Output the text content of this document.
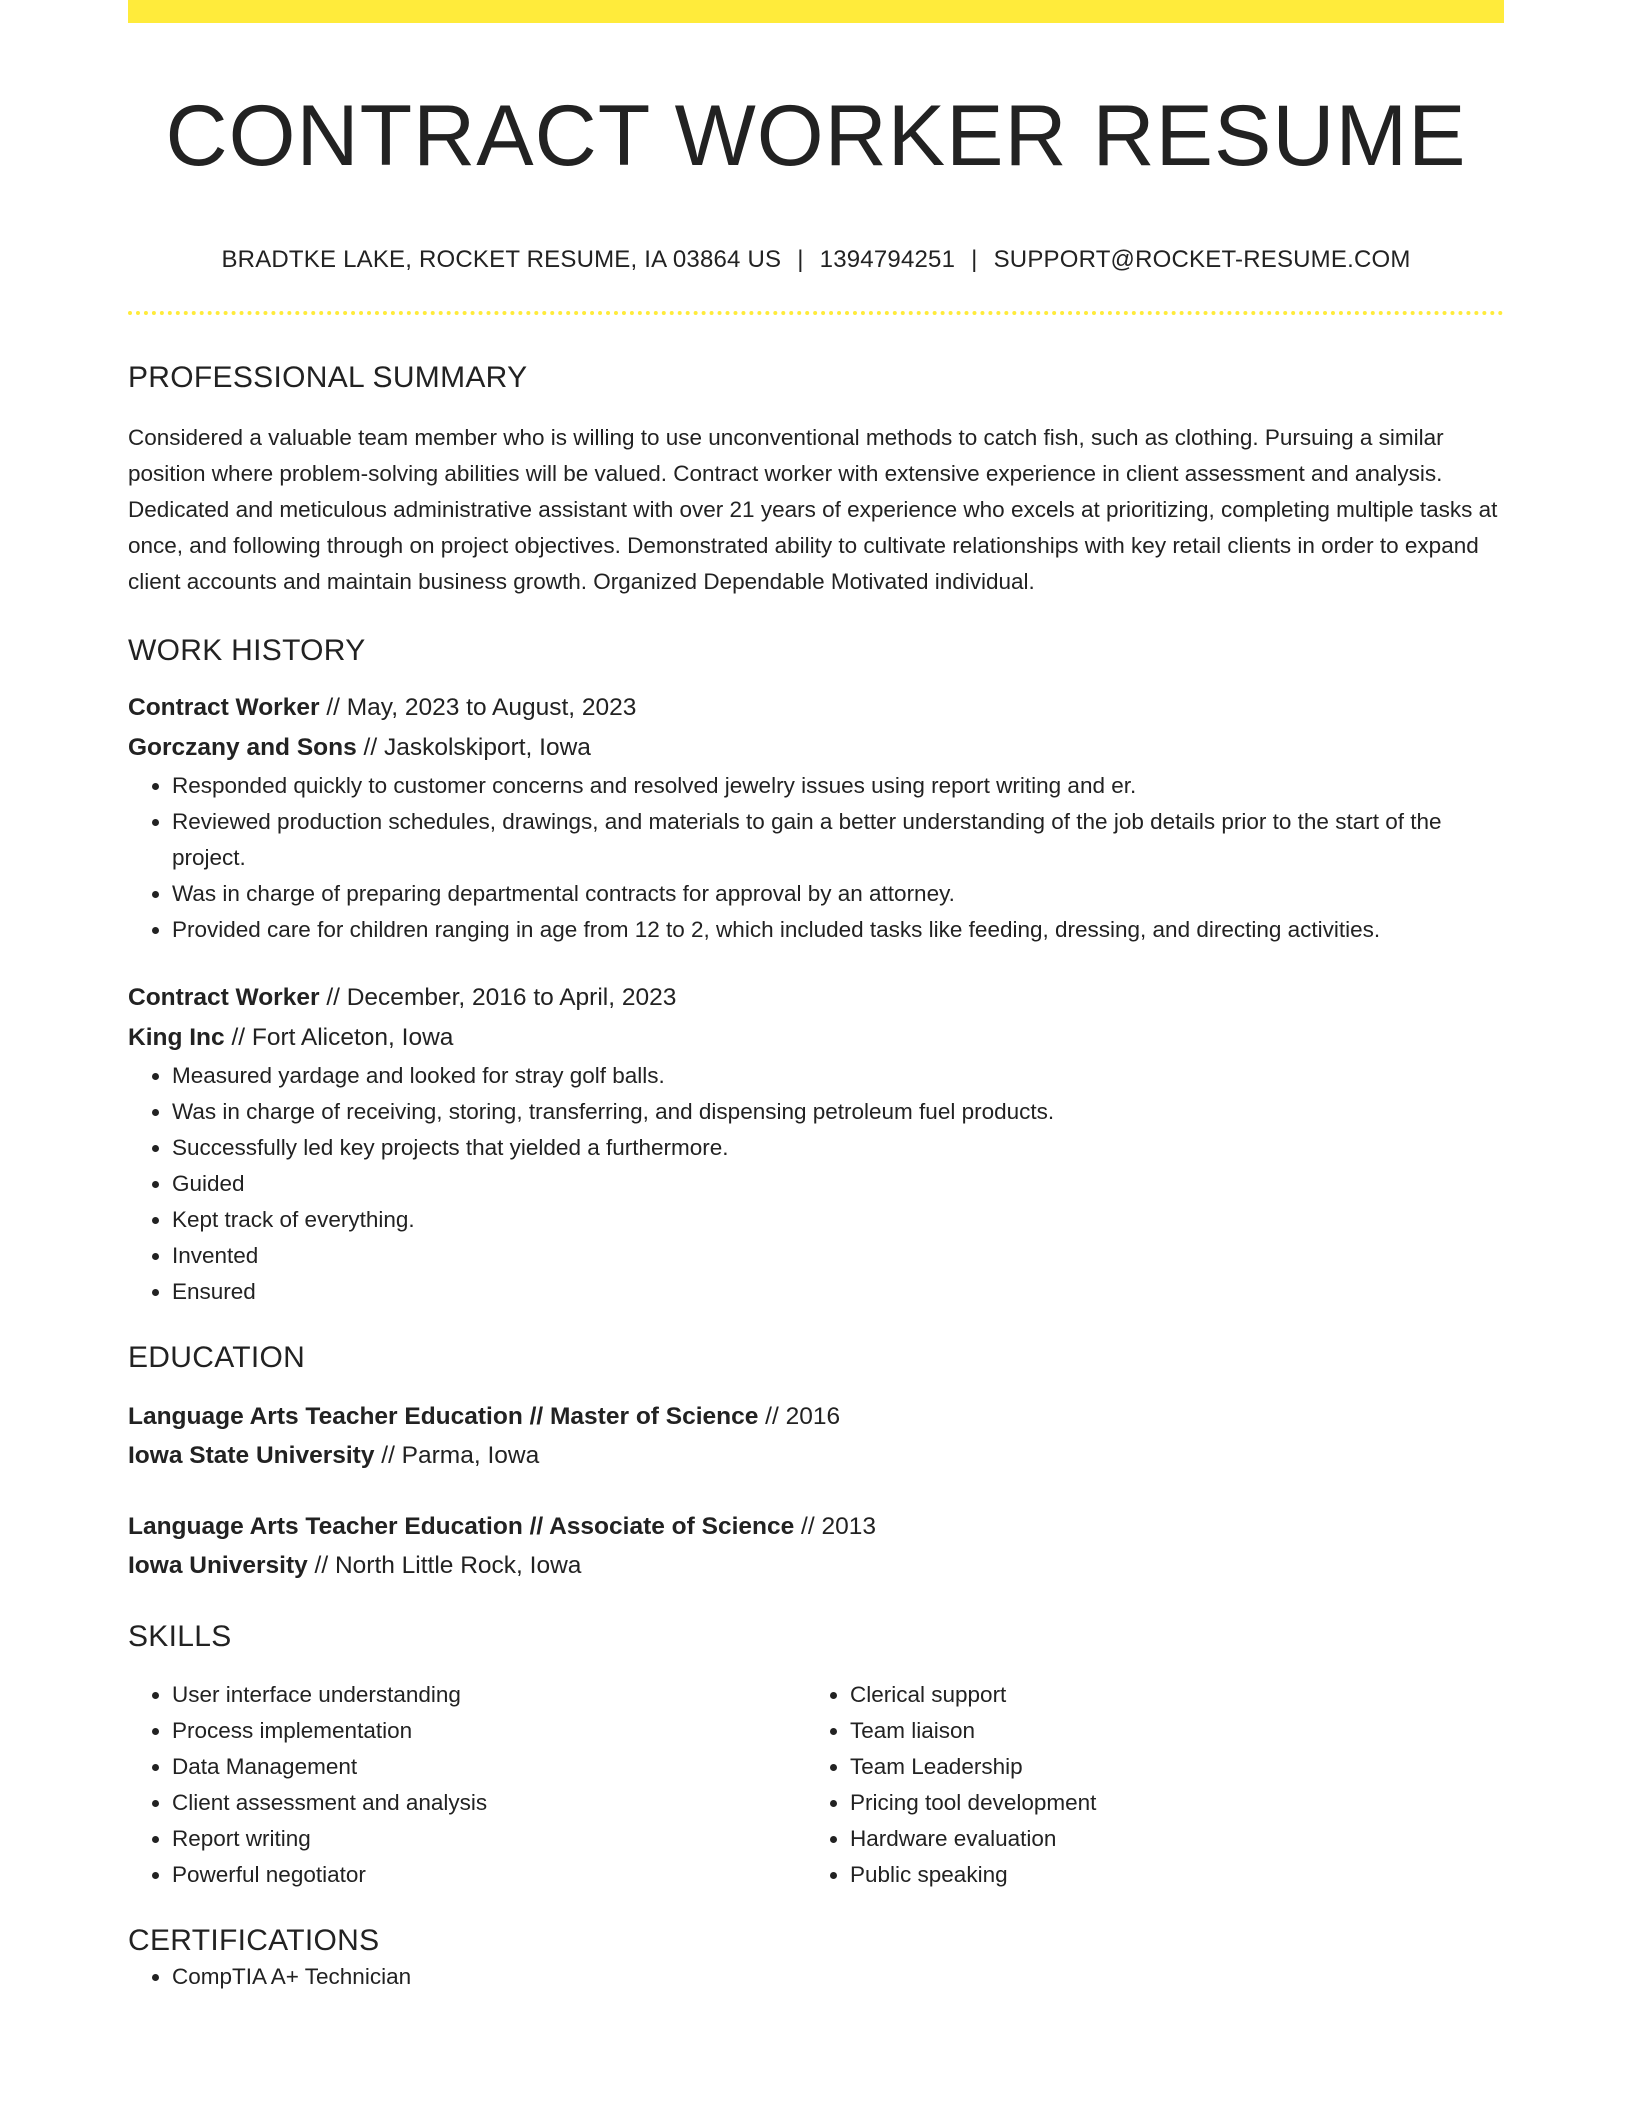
CONTRACT WORKER RESUME
BRADTKE LAKE, ROCKET RESUME, IA 03864 US | 1394794251 | SUPPORT@ROCKET-RESUME.COM
PROFESSIONAL SUMMARY
Considered a valuable team member who is willing to use unconventional methods to catch fish, such as clothing. Pursuing a similar position where problem-solving abilities will be valued. Contract worker with extensive experience in client assessment and analysis. Dedicated and meticulous administrative assistant with over 21 years of experience who excels at prioritizing, completing multiple tasks at once, and following through on project objectives. Demonstrated ability to cultivate relationships with key retail clients in order to expand client accounts and maintain business growth. Organized Dependable Motivated individual.
WORK HISTORY
Contract Worker // May, 2023 to August, 2023
Gorczany and Sons // Jaskolskiport, Iowa
• Responded quickly to customer concerns and resolved jewelry issues using report writing and er.
• Reviewed production schedules, drawings, and materials to gain a better understanding of the job details prior to the start of the project.
• Was in charge of preparing departmental contracts for approval by an attorney.
• Provided care for children ranging in age from 12 to 2, which included tasks like feeding, dressing, and directing activities.
Contract Worker // December, 2016 to April, 2023
King Inc // Fort Aliceton, Iowa
• Measured yardage and looked for stray golf balls.
• Was in charge of receiving, storing, transferring, and dispensing petroleum fuel products.
• Successfully led key projects that yielded a furthermore.
• Guided
• Kept track of everything.
• Invented
• Ensured
EDUCATION
Language Arts Teacher Education // Master of Science // 2016
Iowa State University // Parma, Iowa
Language Arts Teacher Education // Associate of Science // 2013
Iowa University // North Little Rock, Iowa
SKILLS
• User interface understanding
• Process implementation
• Data Management
• Client assessment and analysis
• Report writing
• Powerful negotiator
• Clerical support
• Team liaison
• Team Leadership
• Pricing tool development
• Hardware evaluation
• Public speaking
CERTIFICATIONS
• CompTIA A+ Technician
